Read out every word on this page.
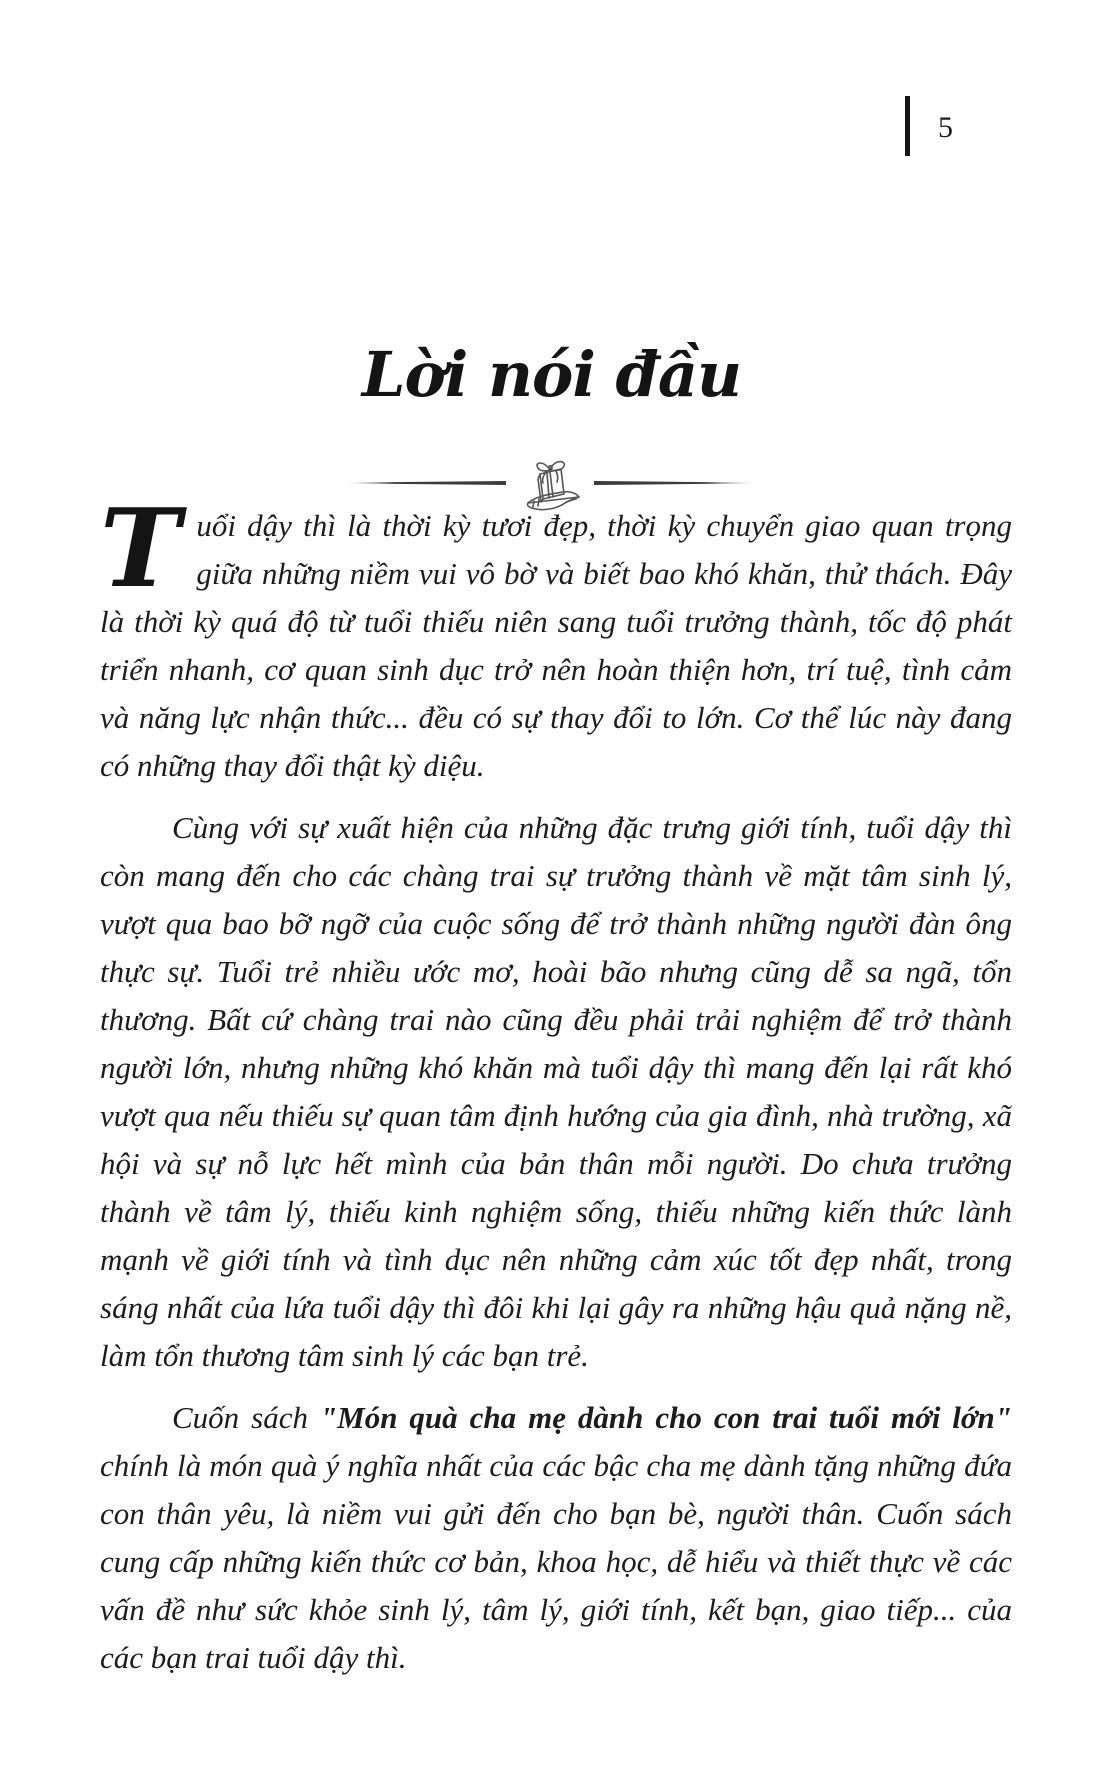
5
Lời nói đầu

Tuổi dậy thì là thời kỳ tươi đẹp, thời kỳ chuyển giao quan trọng giữa những niềm vui vô bờ và biết bao khó khăn, thử thách. Đây là thời kỳ quá độ từ tuổi thiếu niên sang tuổi trưởng thành, tốc độ phát triển nhanh, cơ quan sinh dục trở nên hoàn thiện hơn, trí tuệ, tình cảm và năng lực nhận thức... đều có sự thay đổi to lớn. Cơ thể lúc này đang có những thay đổi thật kỳ diệu.

Cùng với sự xuất hiện của những đặc trưng giới tính, tuổi dậy thì còn mang đến cho các chàng trai sự trưởng thành về mặt tâm sinh lý, vượt qua bao bỡ ngỡ của cuộc sống để trở thành những người đàn ông thực sự. Tuổi trẻ nhiều ước mơ, hoài bão nhưng cũng dễ sa ngã, tổn thương. Bất cứ chàng trai nào cũng đều phải trải nghiệm để trở thành người lớn, nhưng những khó khăn mà tuổi dậy thì mang đến lại rất khó vượt qua nếu thiếu sự quan tâm định hướng của gia đình, nhà trường, xã hội và sự nỗ lực hết mình của bản thân mỗi người. Do chưa trưởng thành về tâm lý, thiếu kinh nghiệm sống, thiếu những kiến thức lành mạnh về giới tính và tình dục nên những cảm xúc tốt đẹp nhất, trong sáng nhất của lứa tuổi dậy thì đôi khi lại gây ra những hậu quả nặng nề, làm tổn thương tâm sinh lý các bạn trẻ.

Cuốn sách "Món quà cha mẹ dành cho con trai tuổi mới lớn" chính là món quà ý nghĩa nhất của các bậc cha mẹ dành tặng những đứa con thân yêu, là niềm vui gửi đến cho bạn bè, người thân. Cuốn sách cung cấp những kiến thức cơ bản, khoa học, dễ hiểu và thiết thực về các vấn đề như sức khỏe sinh lý, tâm lý, giới tính, kết bạn, giao tiếp... của các bạn trai tuổi dậy thì.
